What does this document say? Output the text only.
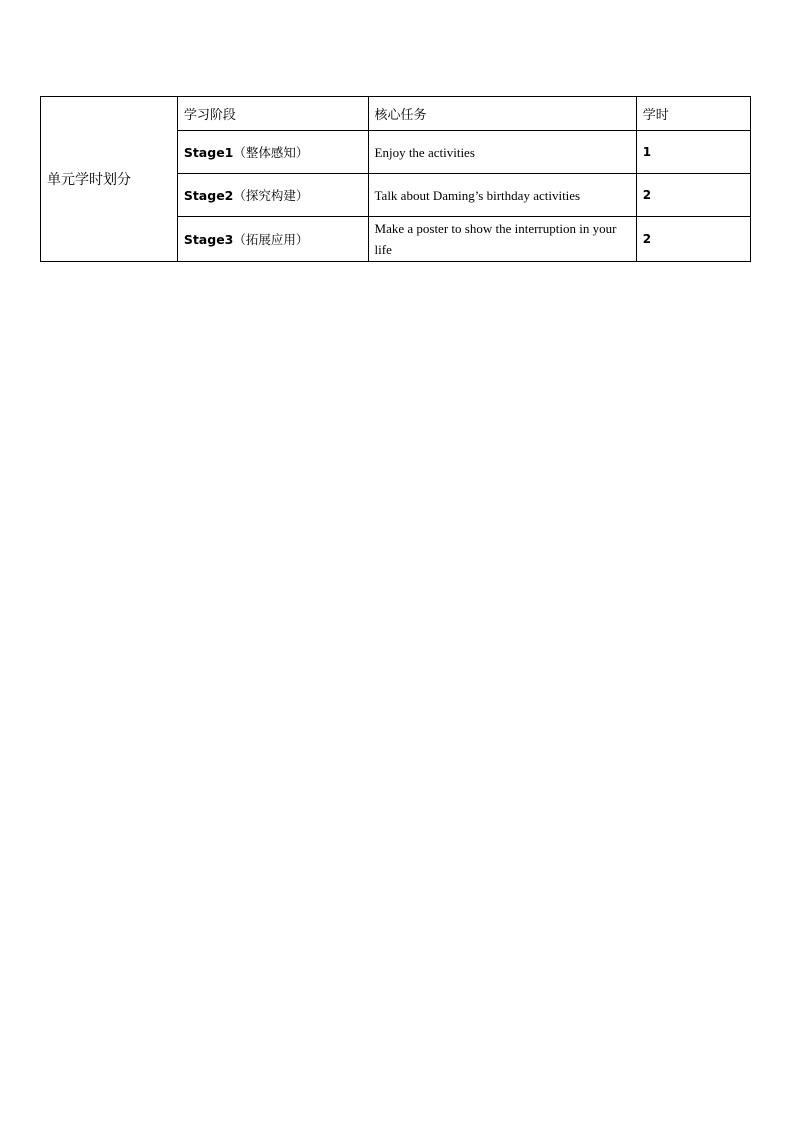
单元学时划分	学习阶段	核心任务	学时
	Stage1（整体感知）	Enjoy the activities	1
	Stage2（探究构建）	Talk about Daming’s birthday activities	2
	Stage3（拓展应用）	Make a poster to show the interruption in your life	2
